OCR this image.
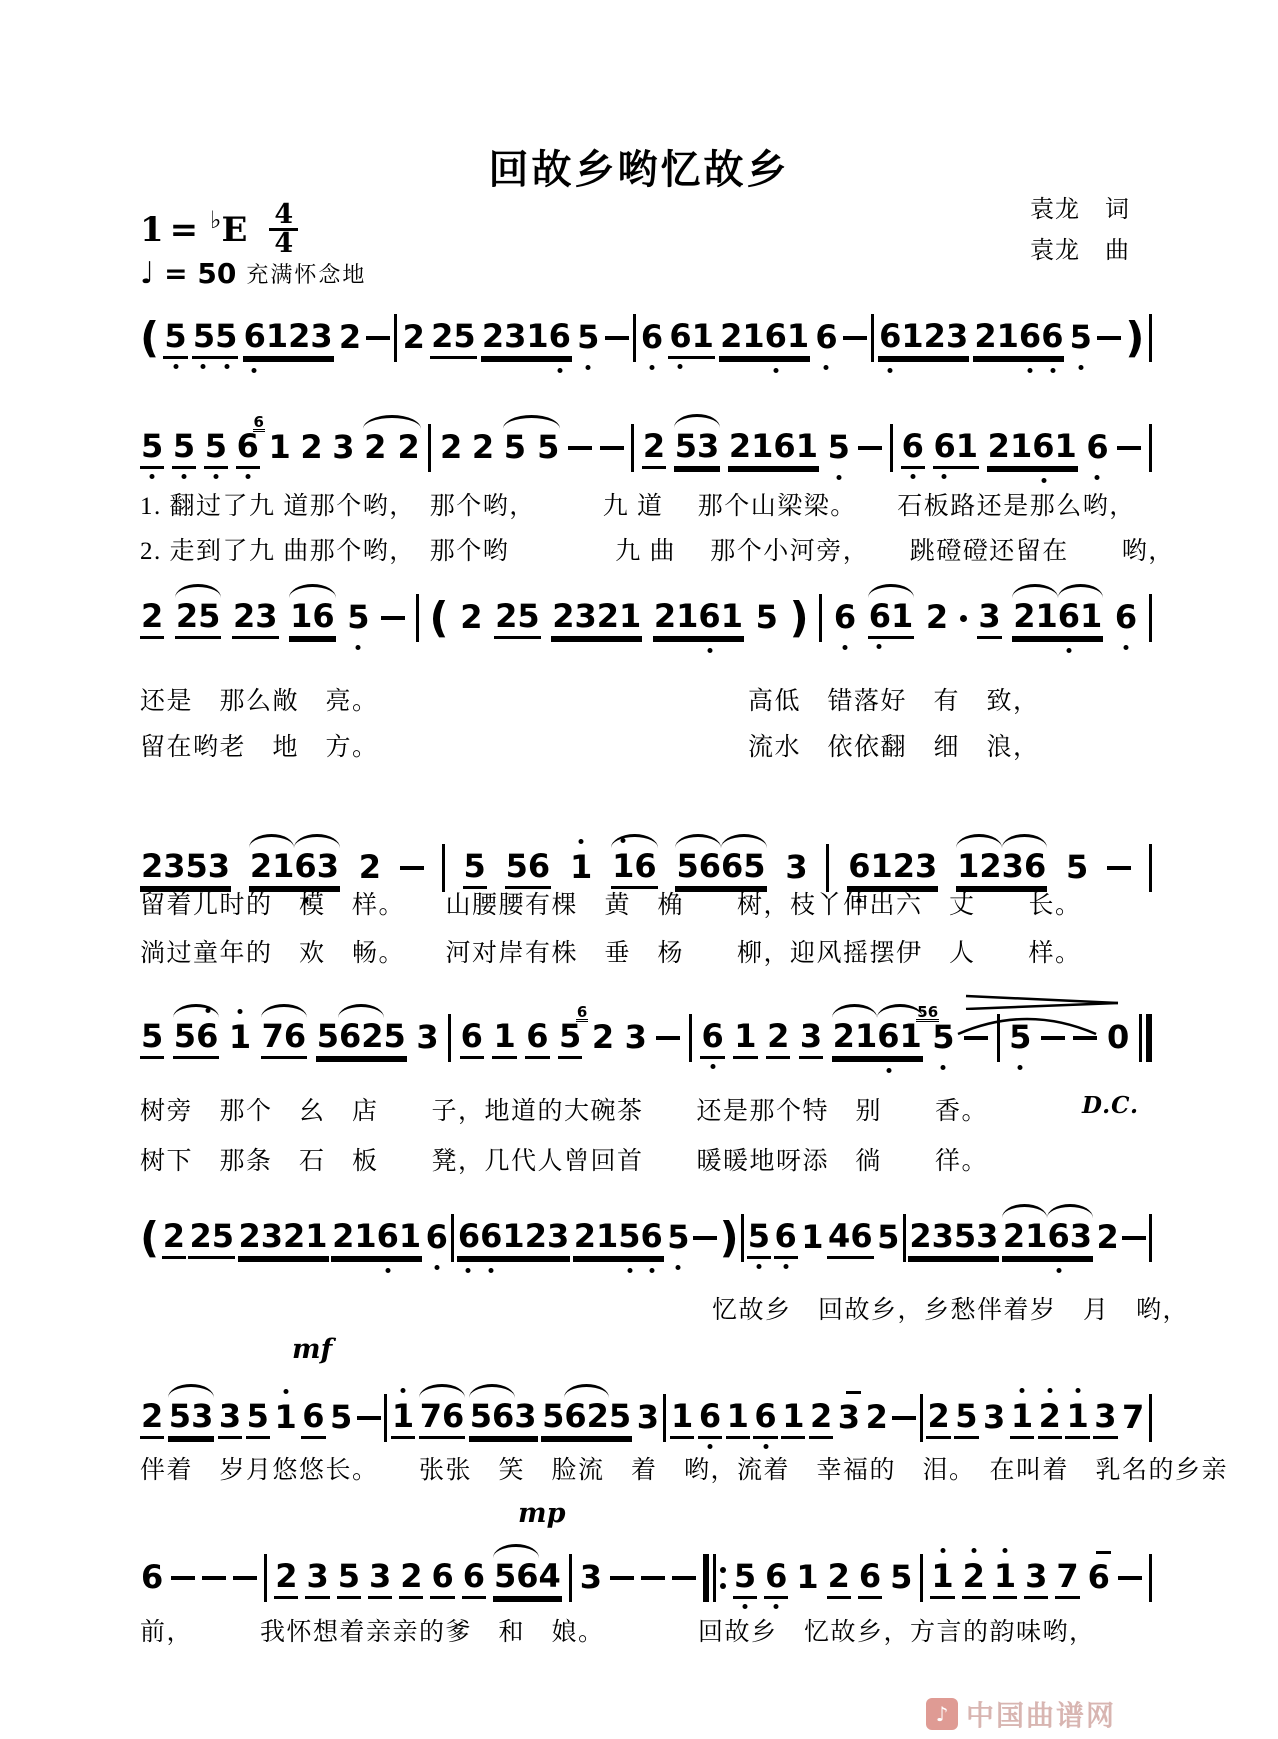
回故乡哟忆故乡
袁龙　词
袁龙　曲
1 = ♭ E $\frac{4}{4}$
♩ = 50 充满怀念地
( 5 5 5 6 1 2 3 2 2 2 5 2 3 1 6 5 6 6 1 2 1 6 1 6 6 1 2 3 2 1 6 6 5 )
5 5 5 6
6
1 2 3 2
2 2 2 5
5	2 5 3 2 1 6 1 5 6 6 1 2 1 6 1 6
2 2 5 2 3 1 6 5 ( 2 2 5 2 3 2 1 2 1 6 1 5 ) 6 6 1 2 3 2 1 6 1 6
2 3 5 3 2 1 6 3 2	5 5 6 1 1 6 5 6 6 5 3 6 1 2 3 1 2 3 6 5
5 5 6 1 7 6 5 6 2 5 3 6 1 6 5
6
2 3 6 1 2 3 2 1 6 1
56
5 5 0
( 2 2 5 2 3 2 1 2 1 6 1 6 6 6 1 2 3 2 1 5 6 5 ) 5 6 1 4 6 5 2 3 5 3 2 1 6 3 2
2 5 3 3 5 1 6 5 1 7 6 5 6 3 5 6 2 5 3 1 6 1 6 1 2 3 2 2 5 3 1 2 1 3 7
6	2 3 5 3 2 6 6 5 6 4 3	5 6 1 2 6 5 1 2 1 3 7 6
1. 翻过了九 道那个哟，　那个哟，　　　九 道　 那个山梁梁。　　石板路还是那么哟，
2. 走到了九 曲那个哟，　那个哟　　　　九 曲　 那个小河旁，　　跳磴磴还留在　　哟，
还是　那么敞　亮。
留在哟老　地　方。
高低　错落好　有　致，
流水　依依翻　细　浪，
留着儿时的　模　样。　　山腰腰有棵　黄　桷　　树，枝丫伸出六　丈　　长。
淌过童年的　欢　畅。　　河对岸有株　垂　杨　　柳，迎风摇摆伊　人　　样。
树旁　那个　幺　店　　子，地道的大碗茶　　还是那个特　别　　香。
树下　那条　石　板　　凳，几代人曾回首　　暖暖地呀添　徜　　徉。
忆故乡　回故乡，乡愁伴着岁　月　哟，
伴着　岁月悠悠长。　　张张　笑　脸流　着　哟，流着　幸福的　泪。　在叫着　乳名的乡亲
前，　　　我怀想着亲亲的爹　和　娘。　　　　回故乡　忆故乡，方言的韵味哟，
mf
mp
D.C.
♪ 中国曲谱网
